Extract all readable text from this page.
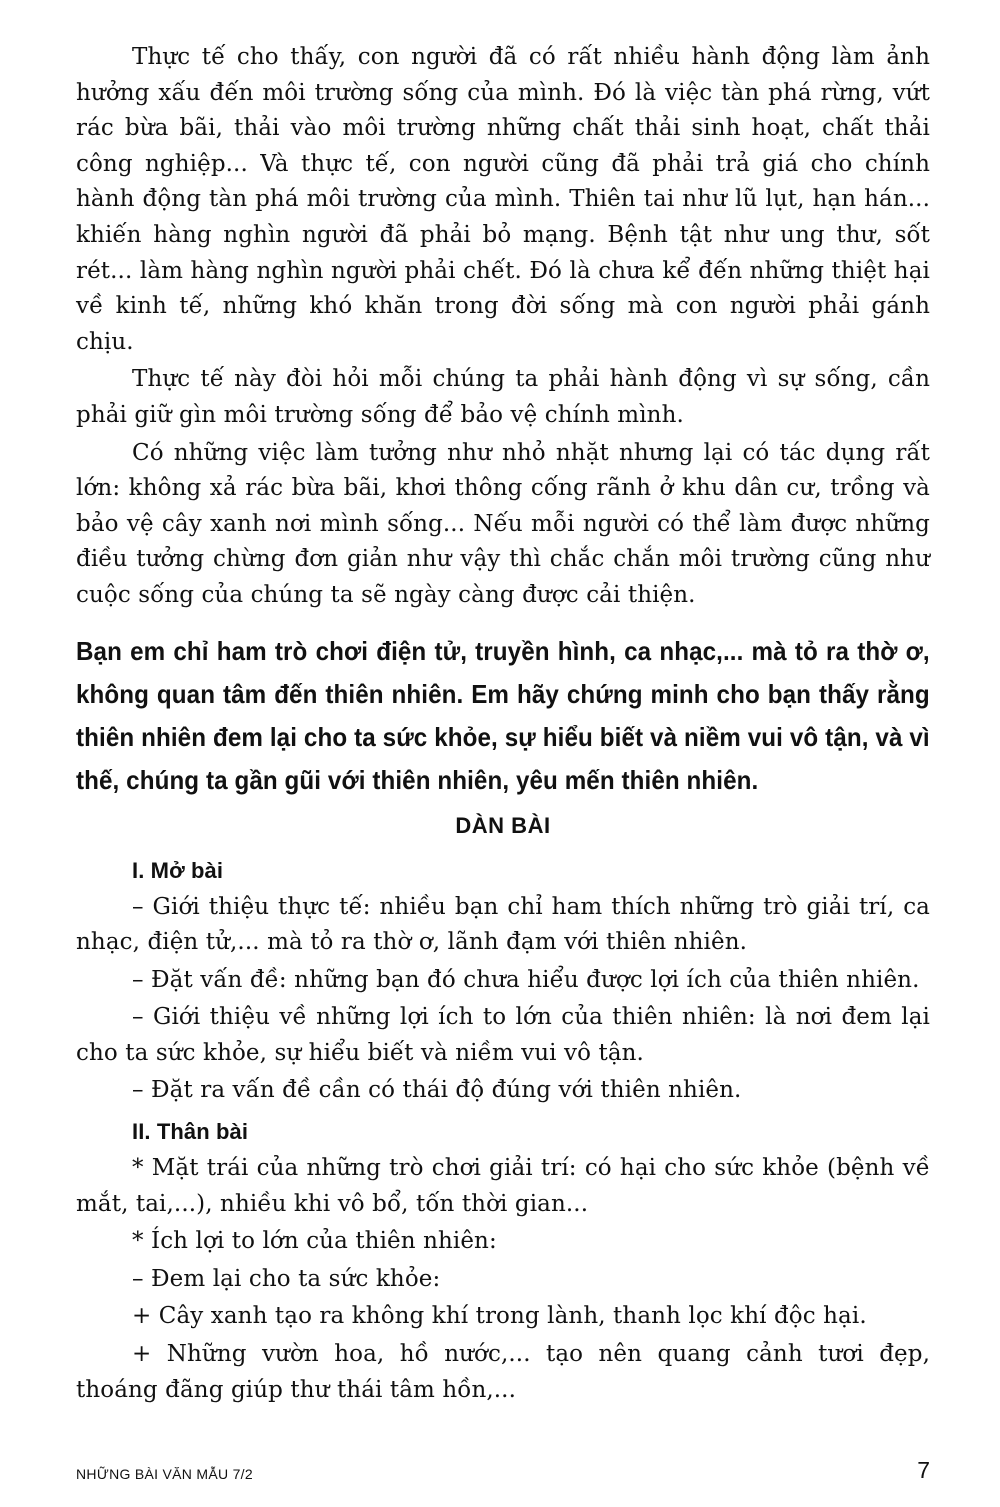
Thực tế cho thấy, con người đã có rất nhiều hành động làm ảnh hưởng xấu đến môi trường sống của mình. Đó là việc tàn phá rừng, vứt rác bừa bãi, thải vào môi trường những chất thải sinh hoạt, chất thải công nghiệp... Và thực tế, con người cũng đã phải trả giá cho chính hành động tàn phá môi trường của mình. Thiên tai như lũ lụt, hạn hán... khiến hàng nghìn người đã phải bỏ mạng. Bệnh tật như ung thư, sốt rét... làm hàng nghìn người phải chết. Đó là chưa kể đến những thiệt hại về kinh tế, những khó khăn trong đời sống mà con người phải gánh chịu.

Thực tế này đòi hỏi mỗi chúng ta phải hành động vì sự sống, cần phải giữ gìn môi trường sống để bảo vệ chính mình.

Có những việc làm tưởng như nhỏ nhặt nhưng lại có tác dụng rất lớn: không xả rác bừa bãi, khơi thông cống rãnh ở khu dân cư, trồng và bảo vệ cây xanh nơi mình sống... Nếu mỗi người có thể làm được những điều tưởng chừng đơn giản như vậy thì chắc chắn môi trường cũng như cuộc sống của chúng ta sẽ ngày càng được cải thiện.

Bạn em chỉ ham trò chơi điện tử, truyền hình, ca nhạc,... mà tỏ ra thờ ơ, không quan tâm đến thiên nhiên. Em hãy chứng minh cho bạn thấy rằng thiên nhiên đem lại cho ta sức khỏe, sự hiểu biết và niềm vui vô tận, và vì thế, chúng ta gần gũi với thiên nhiên, yêu mến thiên nhiên.

DÀN BÀI

I. Mở bài

– Giới thiệu thực tế: nhiều bạn chỉ ham thích những trò giải trí, ca nhạc, điện tử,... mà tỏ ra thờ ơ, lãnh đạm với thiên nhiên.

– Đặt vấn đề: những bạn đó chưa hiểu được lợi ích của thiên nhiên.

– Giới thiệu về những lợi ích to lớn của thiên nhiên: là nơi đem lại cho ta sức khỏe, sự hiểu biết và niềm vui vô tận.

– Đặt ra vấn đề cần có thái độ đúng với thiên nhiên.

II. Thân bài

* Mặt trái của những trò chơi giải trí: có hại cho sức khỏe (bệnh về mắt, tai,...), nhiều khi vô bổ, tốn thời gian...

* Ích lợi to lớn của thiên nhiên:

– Đem lại cho ta sức khỏe:

+ Cây xanh tạo ra không khí trong lành, thanh lọc khí độc hại.

+ Những vườn hoa, hồ nước,... tạo nên quang cảnh tươi đẹp, thoáng đãng giúp thư thái tâm hồn,...

NHỮNG BÀI VĂN MẪU 7/2	7
